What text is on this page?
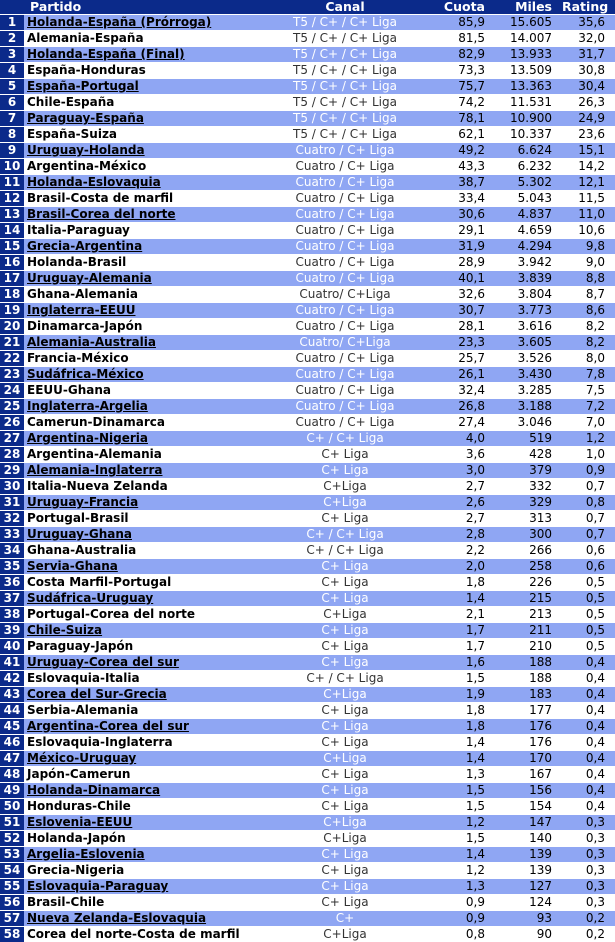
	Partido	Canal	Cuota	Miles	Rating
1	Holanda-España (Prórroga)	T5 / C+ / C+ Liga	85,9	15.605	35,6
2	Alemania-España	T5 / C+ / C+ Liga	81,5	14.007	32,0
3	Holanda-España (Final)	T5 / C+ / C+ Liga	82,9	13.933	31,7
4	España-Honduras	T5 / C+ / C+ Liga	73,3	13.509	30,8
5	España-Portugal	T5 / C+ / C+ Liga	75,7	13.363	30,4
6	Chile-España	T5 / C+ / C+ Liga	74,2	11.531	26,3
7	Paraguay-España	T5 / C+ / C+ Liga	78,1	10.900	24,9
8	España-Suiza	T5 / C+ / C+ Liga	62,1	10.337	23,6
9	Uruguay-Holanda	Cuatro / C+ Liga	49,2	6.624	15,1
10	Argentina-México	Cuatro / C+ Liga	43,3	6.232	14,2
11	Holanda-Eslovaquia	Cuatro / C+ Liga	38,7	5.302	12,1
12	Brasil-Costa de marfil	Cuatro / C+ Liga	33,4	5.043	11,5
13	Brasil-Corea del norte	Cuatro / C+ Liga	30,6	4.837	11,0
14	Italia-Paraguay	Cuatro / C+ Liga	29,1	4.659	10,6
15	Grecia-Argentina	Cuatro / C+ Liga	31,9	4.294	9,8
16	Holanda-Brasil	Cuatro / C+ Liga	28,9	3.942	9,0
17	Uruguay-Alemania	Cuatro / C+ Liga	40,1	3.839	8,8
18	Ghana-Alemania	Cuatro/ C+Liga	32,6	3.804	8,7
19	Inglaterra-EEUU	Cuatro / C+ Liga	30,7	3.773	8,6
20	Dinamarca-Japón	Cuatro / C+ Liga	28,1	3.616	8,2
21	Alemania-Australia	Cuatro/ C+Liga	23,3	3.605	8,2
22	Francia-México	Cuatro / C+ Liga	25,7	3.526	8,0
23	Sudáfrica-México	Cuatro / C+ Liga	26,1	3.430	7,8
24	EEUU-Ghana	Cuatro / C+ Liga	32,4	3.285	7,5
25	Inglaterra-Argelia	Cuatro / C+ Liga	26,8	3.188	7,2
26	Camerun-Dinamarca	Cuatro / C+ Liga	27,4	3.046	7,0
27	Argentina-Nigeria	C+ / C+ Liga	4,0	519	1,2
28	Argentina-Alemania	C+ Liga	3,6	428	1,0
29	Alemania-Inglaterra	C+ Liga	3,0	379	0,9
30	Italia-Nueva Zelanda	C+Liga	2,7	332	0,7
31	Uruguay-Francia	C+Liga	2,6	329	0,8
32	Portugal-Brasil	C+ Liga	2,7	313	0,7
33	Uruguay-Ghana	C+ / C+ Liga	2,8	300	0,7
34	Ghana-Australia	C+ / C+ Liga	2,2	266	0,6
35	Servia-Ghana	C+ Liga	2,0	258	0,6
36	Costa Marfil-Portugal	C+ Liga	1,8	226	0,5
37	Sudáfrica-Uruguay	C+ Liga	1,4	215	0,5
38	Portugal-Corea del norte	C+Liga	2,1	213	0,5
39	Chile-Suiza	C+ Liga	1,7	211	0,5
40	Paraguay-Japón	C+ Liga	1,7	210	0,5
41	Uruguay-Corea del sur	C+ Liga	1,6	188	0,4
42	Eslovaquia-Italia	C+ / C+ Liga	1,5	188	0,4
43	Corea del Sur-Grecia	C+Liga	1,9	183	0,4
44	Serbia-Alemania	C+ Liga	1,8	177	0,4
45	Argentina-Corea del sur	C+ Liga	1,8	176	0,4
46	Eslovaquia-Inglaterra	C+ Liga	1,4	176	0,4
47	México-Uruguay	C+Liga	1,4	170	0,4
48	Japón-Camerun	C+ Liga	1,3	167	0,4
49	Holanda-Dinamarca	C+ Liga	1,5	156	0,4
50	Honduras-Chile	C+ Liga	1,5	154	0,4
51	Eslovenia-EEUU	C+Liga	1,2	147	0,3
52	Holanda-Japón	C+Liga	1,5	140	0,3
53	Argelia-Eslovenia	C+ Liga	1,4	139	0,3
54	Grecia-Nigeria	C+ Liga	1,2	139	0,3
55	Eslovaquia-Paraguay	C+ Liga	1,3	127	0,3
56	Brasil-Chile	C+ Liga	0,9	124	0,3
57	Nueva Zelanda-Eslovaquia	C+	0,9	93	0,2
58	Corea del norte-Costa de marfil	C+Liga	0,8	90	0,2
